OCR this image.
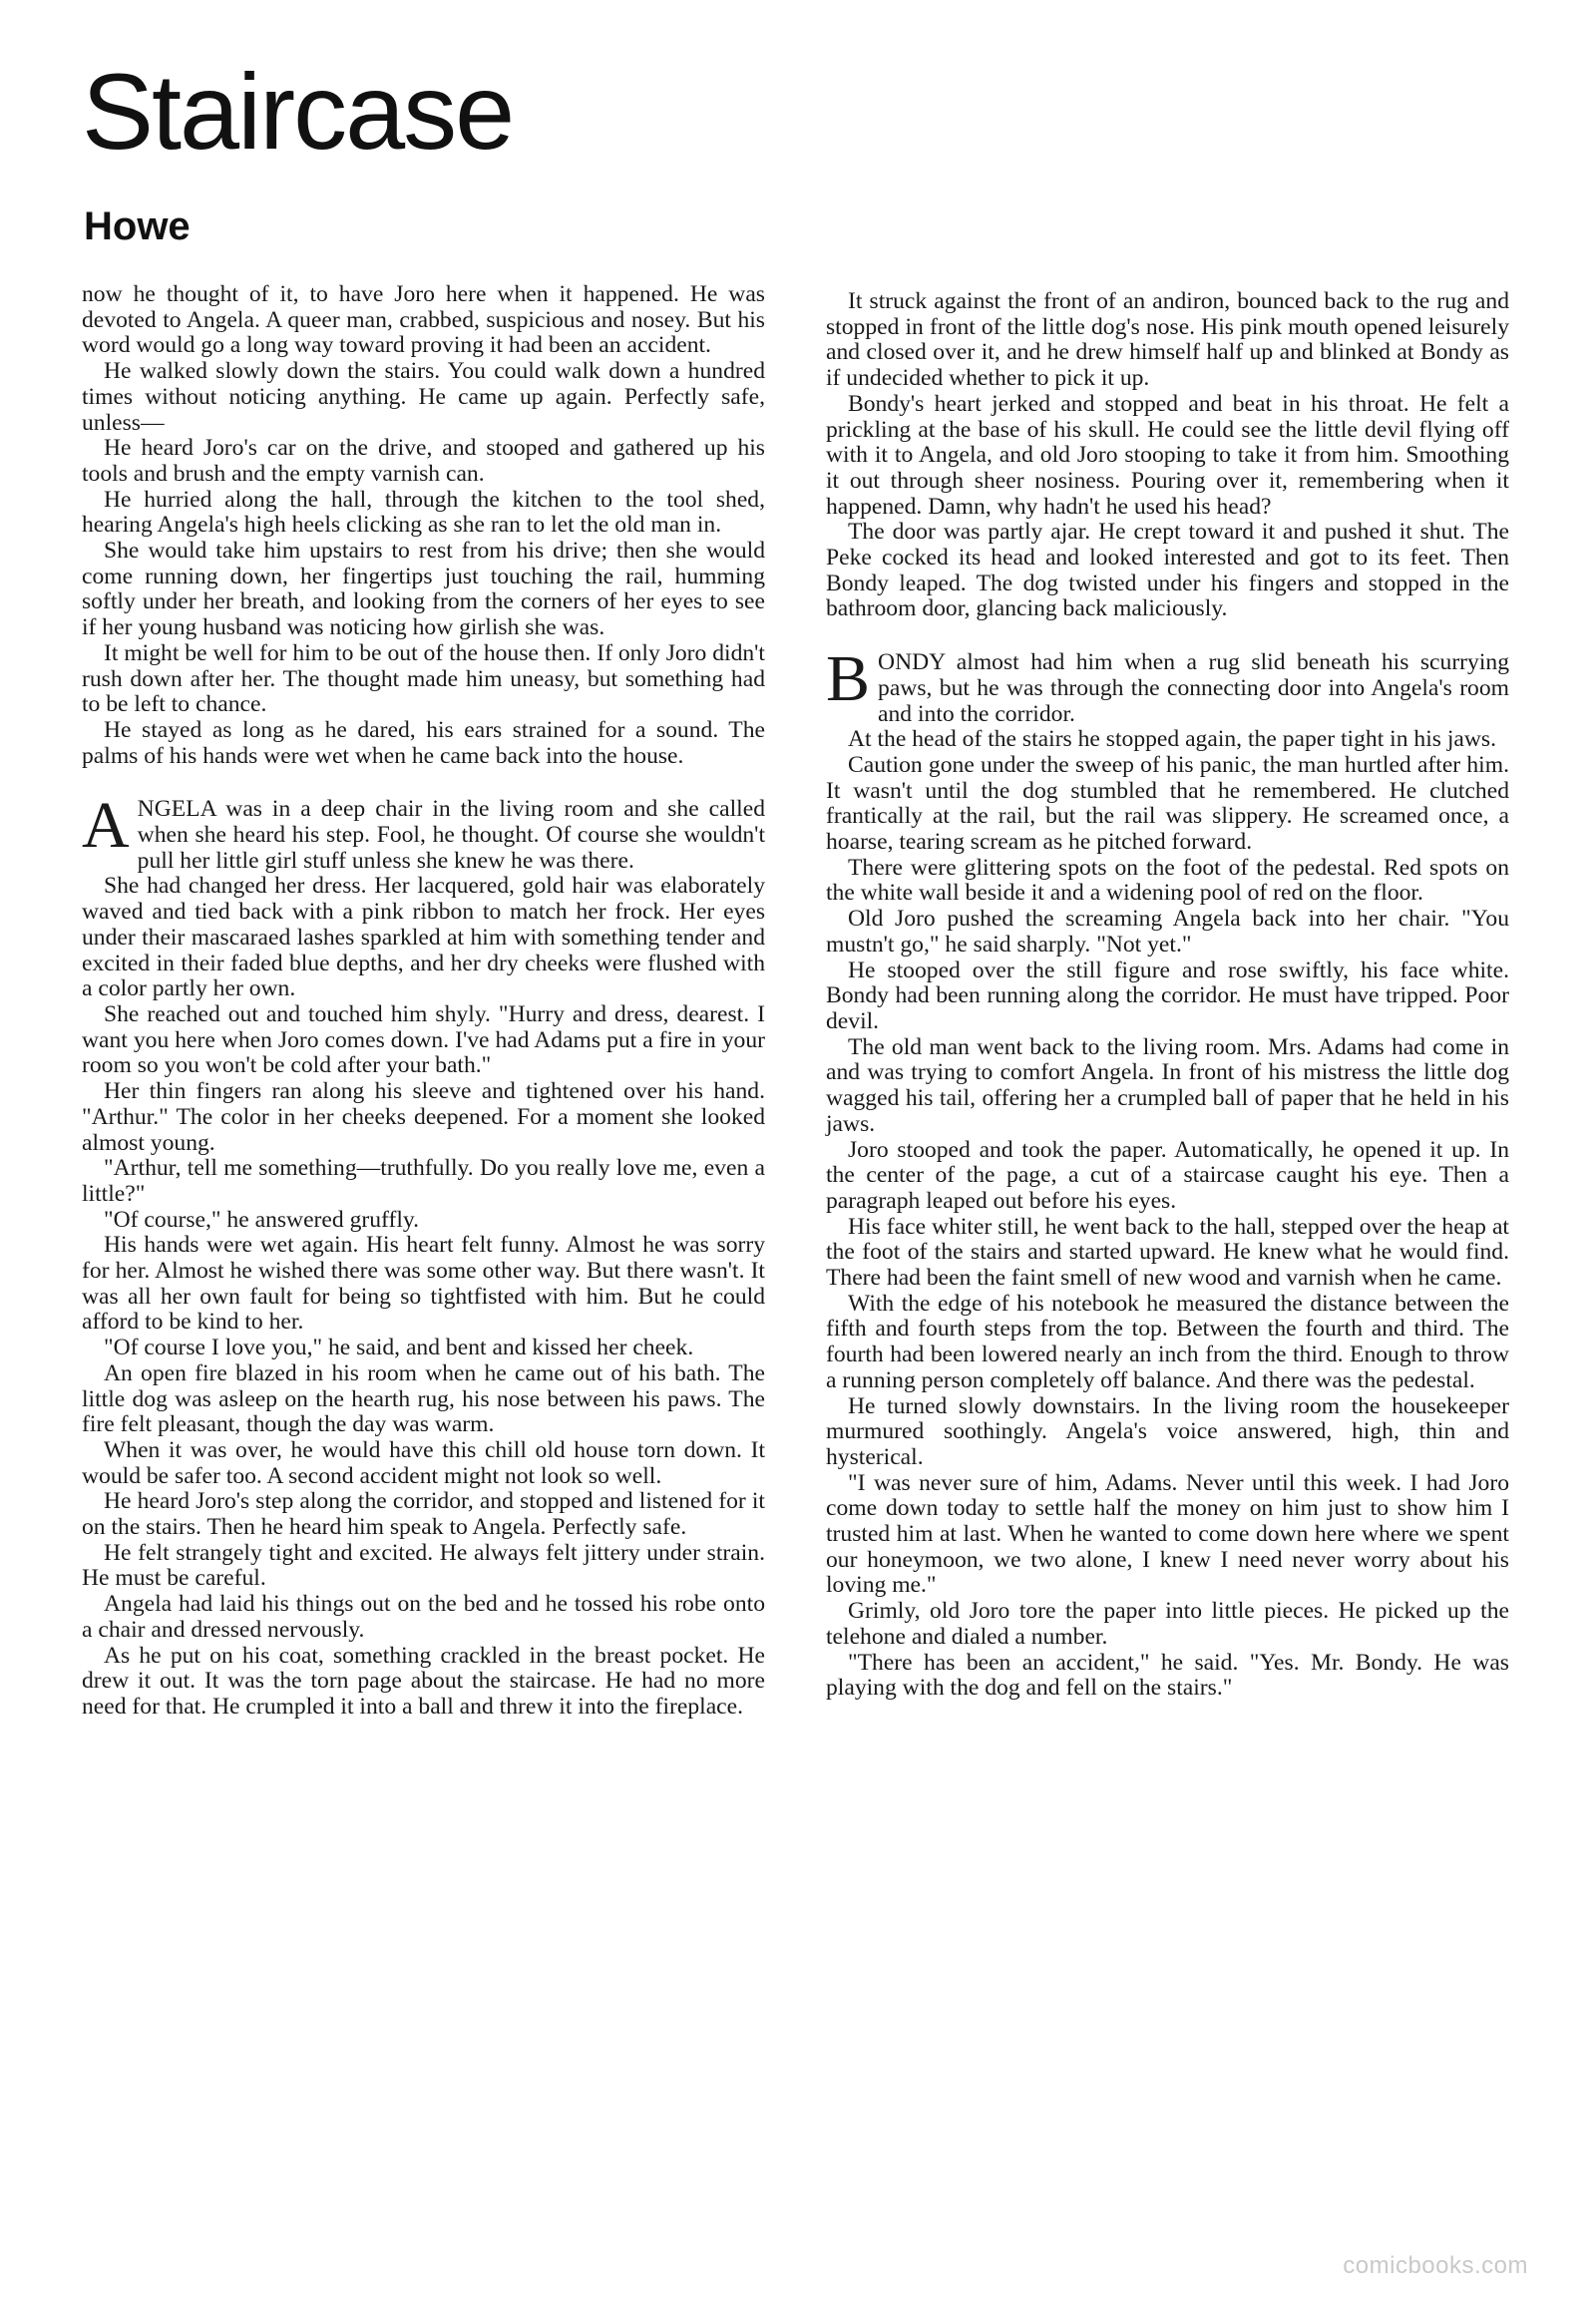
Staircase
Howe

now he thought of it, to have Joro here when it happened. He was devoted to Angela. A queer man, crabbed, suspicious and nosey. But his word would go a long way toward proving it had been an accident.

He walked slowly down the stairs. You could walk down a hundred times without noticing anything. He came up again. Perfectly safe, unless—

He heard Joro's car on the drive, and stooped and gathered up his tools and brush and the empty varnish can.

He hurried along the hall, through the kitchen to the tool shed, hearing Angela's high heels clicking as she ran to let the old man in.

She would take him upstairs to rest from his drive; then she would come running down, her fingertips just touching the rail, humming softly under her breath, and looking from the corners of her eyes to see if her young husband was noticing how girlish she was.

It might be well for him to be out of the house then. If only Joro didn't rush down after her. The thought made him uneasy, but something had to be left to chance.

He stayed as long as he dared, his ears strained for a sound. The palms of his hands were wet when he came back into the house.

ANGELA was in a deep chair in the living room and she called when she heard his step. Fool, he thought. Of course she wouldn't pull her little girl stuff unless she knew he was there.

She had changed her dress. Her lacquered, gold hair was elaborately waved and tied back with a pink ribbon to match her frock. Her eyes under their mascaraed lashes sparkled at him with something tender and excited in their faded blue depths, and her dry cheeks were flushed with a color partly her own.

She reached out and touched him shyly. "Hurry and dress, dearest. I want you here when Joro comes down. I've had Adams put a fire in your room so you won't be cold after your bath."

Her thin fingers ran along his sleeve and tightened over his hand. "Arthur." The color in her cheeks deepened. For a moment she looked almost young.

"Arthur, tell me something—truthfully. Do you really love me, even a little?"

"Of course," he answered gruffly.

His hands were wet again. His heart felt funny. Almost he was sorry for her. Almost he wished there was some other way. But there wasn't. It was all her own fault for being so tightfisted with him. But he could afford to be kind to her.

"Of course I love you," he said, and bent and kissed her cheek.

An open fire blazed in his room when he came out of his bath. The little dog was asleep on the hearth rug, his nose between his paws. The fire felt pleasant, though the day was warm.

When it was over, he would have this chill old house torn down. It would be safer too. A second accident might not look so well.

He heard Joro's step along the corridor, and stopped and listened for it on the stairs. Then he heard him speak to Angela. Perfectly safe.

He felt strangely tight and excited. He always felt jittery under strain. He must be careful.

Angela had laid his things out on the bed and he tossed his robe onto a chair and dressed nervously.

As he put on his coat, something crackled in the breast pocket. He drew it out. It was the torn page about the staircase. He had no more need for that. He crumpled it into a ball and threw it into the fireplace.

It struck against the front of an andiron, bounced back to the rug and stopped in front of the little dog's nose. His pink mouth opened leisurely and closed over it, and he drew himself half up and blinked at Bondy as if undecided whether to pick it up.

Bondy's heart jerked and stopped and beat in his throat. He felt a prickling at the base of his skull. He could see the little devil flying off with it to Angela, and old Joro stooping to take it from him. Smoothing it out through sheer nosiness. Pouring over it, remembering when it happened. Damn, why hadn't he used his head?

The door was partly ajar. He crept toward it and pushed it shut. The Peke cocked its head and looked interested and got to its feet. Then Bondy leaped. The dog twisted under his fingers and stopped in the bathroom door, glancing back maliciously.

BONDY almost had him when a rug slid beneath his scurrying paws, but he was through the connecting door into Angela's room and into the corridor.

At the head of the stairs he stopped again, the paper tight in his jaws.

Caution gone under the sweep of his panic, the man hurtled after him. It wasn't until the dog stumbled that he remembered. He clutched frantically at the rail, but the rail was slippery. He screamed once, a hoarse, tearing scream as he pitched forward.

There were glittering spots on the foot of the pedestal. Red spots on the white wall beside it and a widening pool of red on the floor.

Old Joro pushed the screaming Angela back into her chair. "You mustn't go," he said sharply. "Not yet."

He stooped over the still figure and rose swiftly, his face white. Bondy had been running along the corridor. He must have tripped. Poor devil.

The old man went back to the living room. Mrs. Adams had come in and was trying to comfort Angela. In front of his mistress the little dog wagged his tail, offering her a crumpled ball of paper that he held in his jaws.

Joro stooped and took the paper. Automatically, he opened it up. In the center of the page, a cut of a staircase caught his eye. Then a paragraph leaped out before his eyes.

His face whiter still, he went back to the hall, stepped over the heap at the foot of the stairs and started upward. He knew what he would find. There had been the faint smell of new wood and varnish when he came.

With the edge of his notebook he measured the distance between the fifth and fourth steps from the top. Between the fourth and third. The fourth had been lowered nearly an inch from the third. Enough to throw a running person completely off balance. And there was the pedestal.

He turned slowly downstairs. In the living room the housekeeper murmured soothingly. Angela's voice answered, high, thin and hysterical.

"I was never sure of him, Adams. Never until this week. I had Joro come down today to settle half the money on him just to show him I trusted him at last. When he wanted to come down here where we spent our honeymoon, we two alone, I knew I need never worry about his loving me."

Grimly, old Joro tore the paper into little pieces. He picked up the telehone and dialed a number.

"There has been an accident," he said. "Yes. Mr. Bondy. He was playing with the dog and fell on the stairs."

comicbooks.com
